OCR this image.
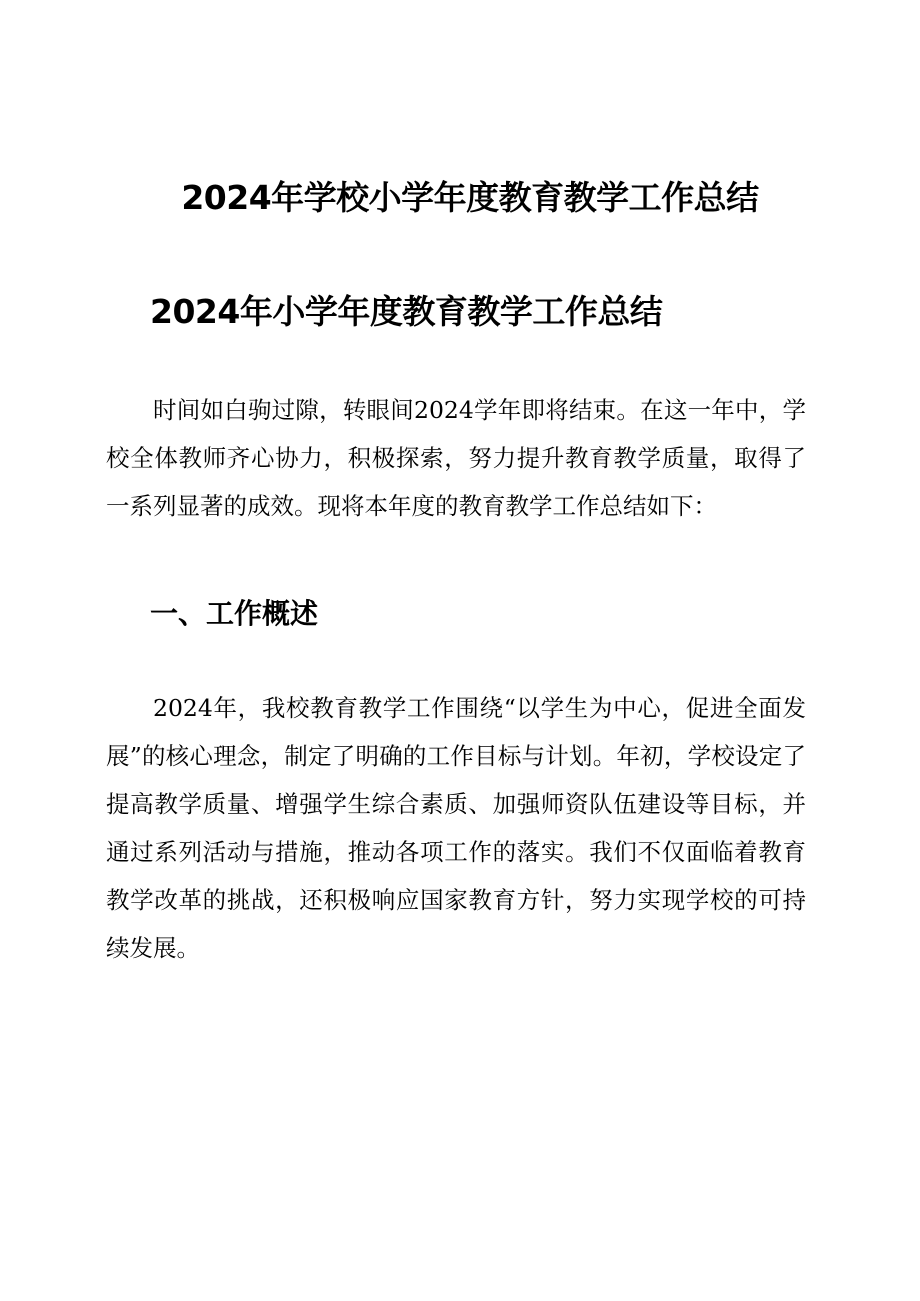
2024年学校小学年度教育教学工作总结
2024年小学年度教育教学工作总结

时间如白驹过隙，转眼间2024学年即将结束。在这一年中，学校全体教师齐心协力，积极探索，努力提升教育教学质量，取得了一系列显著的成效。现将本年度的教育教学工作总结如下：

一、工作概述

2024年，我校教育教学工作围绕“以学生为中心，促进全面发展”的核心理念，制定了明确的工作目标与计划。年初，学校设定了提高教学质量、增强学生综合素质、加强师资队伍建设等目标，并通过系列活动与措施，推动各项工作的落实。我们不仅面临着教育教学改革的挑战，还积极响应国家教育方针，努力实现学校的可持续发展。
